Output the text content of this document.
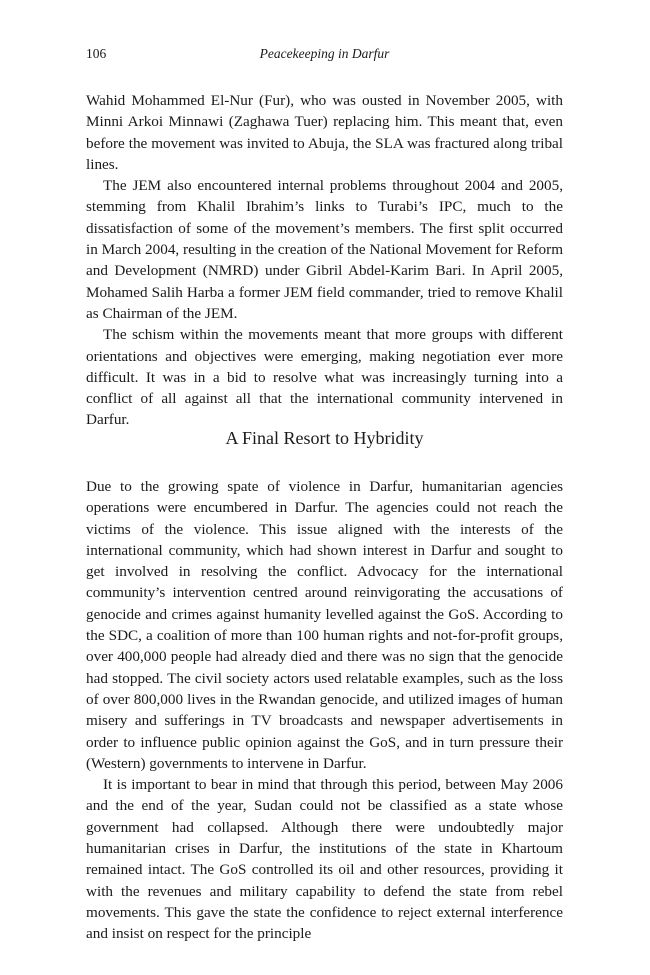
106	Peacekeeping in Darfur

Wahid Mohammed El-Nur (Fur), who was ousted in November 2005, with Minni Arkoi Minnawi (Zaghawa Tuer) replacing him. This meant that, even before the movement was invited to Abuja, the SLA was fractured along tribal lines.

The JEM also encountered internal problems throughout 2004 and 2005, stemming from Khalil Ibrahim’s links to Turabi’s IPC, much to the dissatisfaction of some of the movement’s members. The first split occurred in March 2004, resulting in the creation of the National Movement for Reform and Development (NMRD) under Gibril Abdel-Karim Bari. In April 2005, Mohamed Salih Harba a former JEM field commander, tried to remove Khalil as Chairman of the JEM.

The schism within the movements meant that more groups with different orientations and objectives were emerging, making negotiation ever more difficult. It was in a bid to resolve what was increasingly turning into a conflict of all against all that the international community intervened in Darfur.

A Final Resort to Hybridity

Due to the growing spate of violence in Darfur, humanitarian agencies operations were encumbered in Darfur. The agencies could not reach the victims of the violence. This issue aligned with the interests of the international community, which had shown interest in Darfur and sought to get involved in resolving the conflict. Advocacy for the international community’s intervention centred around reinvigorating the accusations of genocide and crimes against humanity levelled against the GoS. According to the SDC, a coalition of more than 100 human rights and not-for-profit groups, over 400,000 people had already died and there was no sign that the genocide had stopped. The civil society actors used relatable examples, such as the loss of over 800,000 lives in the Rwandan genocide, and utilized images of human misery and sufferings in TV broadcasts and newspaper advertisements in order to influence public opinion against the GoS, and in turn pressure their (Western) governments to intervene in Darfur.

It is important to bear in mind that through this period, between May 2006 and the end of the year, Sudan could not be classified as a state whose government had collapsed. Although there were undoubtedly major humanitarian crises in Darfur, the institutions of the state in Khartoum remained intact. The GoS controlled its oil and other resources, providing it with the revenues and military capability to defend the state from rebel movements. This gave the state the confidence to reject external interference and insist on respect for the principle
